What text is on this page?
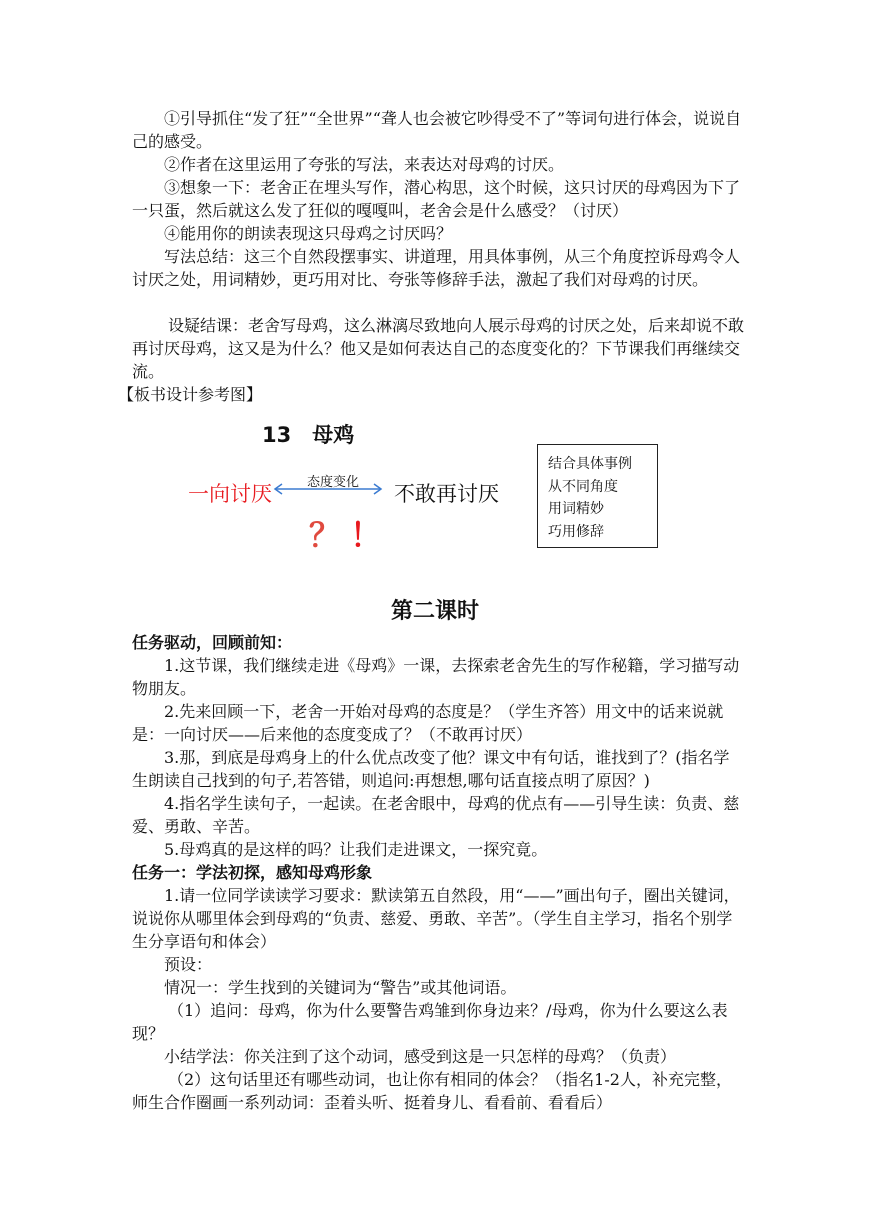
①引导抓住“发了狂”“全世界”“聋人也会被它吵得受不了”等词句进行体会，说说自己的感受。

②作者在这里运用了夸张的写法，来表达对母鸡的讨厌。

③想象一下：老舍正在埋头写作，潜心构思，这个时候，这只讨厌的母鸡因为下了一只蛋，然后就这么发了狂似的嘎嘎叫，老舍会是什么感受？（讨厌）

④能用你的朗读表现这只母鸡之讨厌吗？

写法总结：这三个自然段摆事实、讲道理，用具体事例，从三个角度控诉母鸡令人讨厌之处，用词精妙，更巧用对比、夸张等修辞手法，激起了我们对母鸡的讨厌。

设疑结课：老舍写母鸡，这么淋漓尽致地向人展示母鸡的讨厌之处，后来却说不敢再讨厌母鸡，这又是为什么？他又是如何表达自己的态度变化的？下节课我们再继续交流。

【板书设计参考图】

13　母鸡
一向讨厌	态度变化 不敢再讨厌
？ ！
结合具体事例
从不同角度
用词精妙
巧用修辞
第二课时

任务驱动，回顾前知：

1.这节课，我们继续走进《母鸡》一课，去探索老舍先生的写作秘籍，学习描写动物朋友。

2.先来回顾一下，老舍一开始对母鸡的态度是？（学生齐答）用文中的话来说就是：一向讨厌——后来他的态度变成了？（不敢再讨厌）

3.那，到底是母鸡身上的什么优点改变了他？课文中有句话，谁找到了？(指名学生朗读自己找到的句子,若答错，则追问:再想想,哪句话直接点明了原因？)

4.指名学生读句子，一起读。在老舍眼中，母鸡的优点有——引导生读：负责、慈爱、勇敢、辛苦。

5.母鸡真的是这样的吗？让我们走进课文，一探究竟。

任务一：学法初探，感知母鸡形象

1.请一位同学读读学习要求：默读第五自然段，用“——”画出句子，圈出关键词，说说你从哪里体会到母鸡的“负责、慈爱、勇敢、辛苦”。（学生自主学习，指名个别学生分享语句和体会）

预设：

情况一：学生找到的关键词为“警告”或其他词语。

（1）追问：母鸡，你为什么要警告鸡雏到你身边来？/母鸡，你为什么要这么表现？

小结学法：你关注到了这个动词，感受到这是一只怎样的母鸡？（负责）

（2）这句话里还有哪些动词，也让你有相同的体会？（指名1-2人，补充完整，师生合作圈画一系列动词：歪着头听、挺着身儿、看看前、看看后）
